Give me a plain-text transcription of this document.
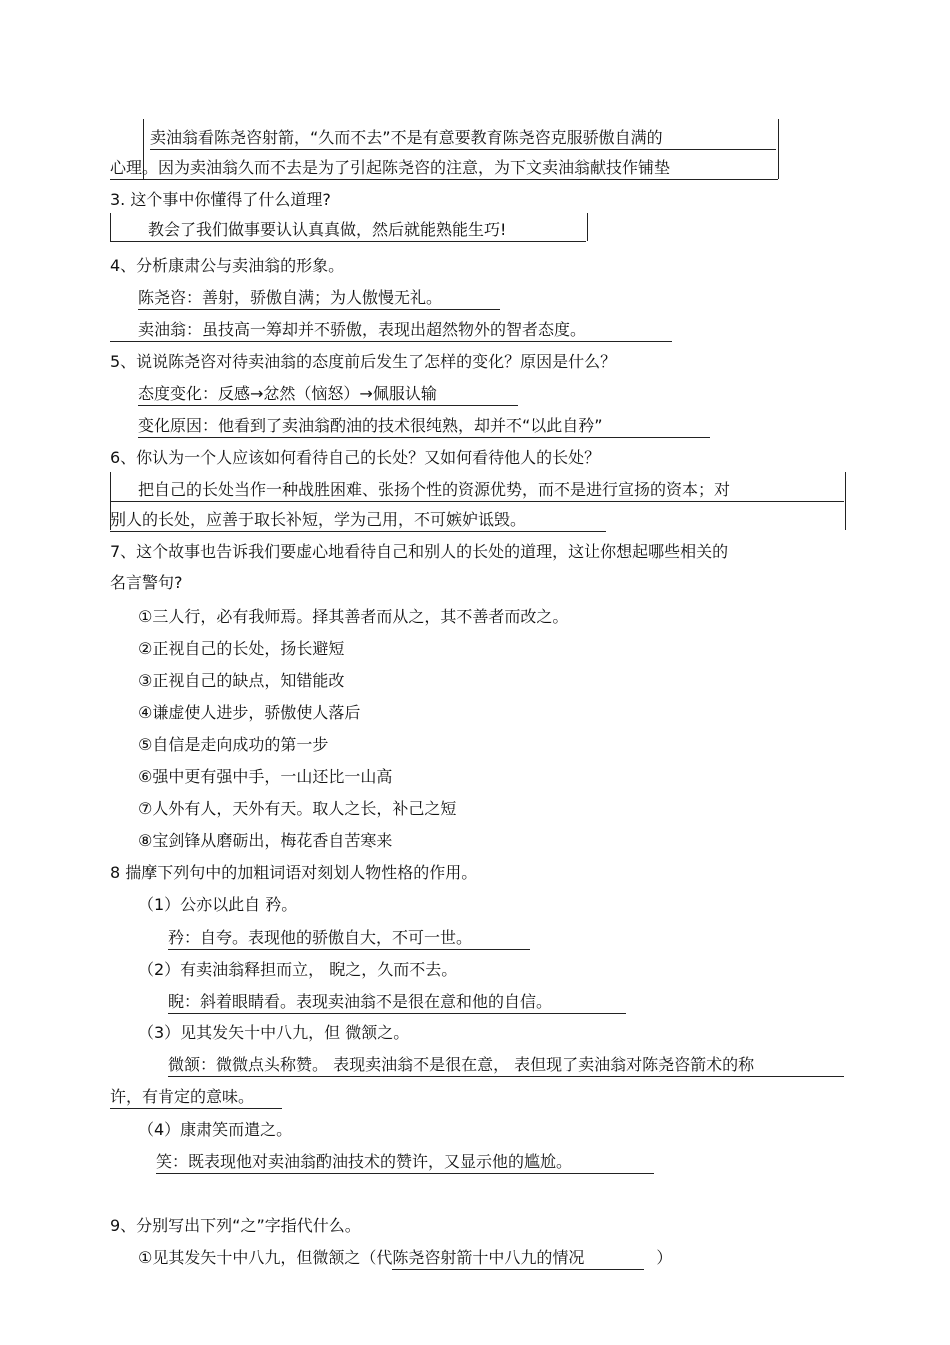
卖油翁看陈尧咨射箭，“久而不去”不是有意要教育陈尧咨克服骄傲自满的
心理。因为卖油翁久而不去是为了引起陈尧咨的注意，为下文卖油翁献技作铺垫
3. 这个事中你懂得了什么道理?
教会了我们做事要认认真真做，然后就能熟能生巧!
4、分析康肃公与卖油翁的形象。
陈尧咨：善射，骄傲自满；为人傲慢无礼。
卖油翁：虽技高一筹却并不骄傲，表现出超然物外的智者态度。
5、说说陈尧咨对待卖油翁的态度前后发生了怎样的变化？原因是什么？
态度变化：反感→忿然（恼怒）→佩服认输
变化原因：他看到了卖油翁酌油的技术很纯熟，却并不“以此自矜”
6、你认为一个人应该如何看待自己的长处？又如何看待他人的长处？
把自己的长处当作一种战胜困难、张扬个性的资源优势，而不是进行宣扬的资本；对
别人的长处，应善于取长补短，学为己用，不可嫉妒诋毁。
7、这个故事也告诉我们要虚心地看待自己和别人的长处的道理，这让你想起哪些相关的
名言警句?
①三人行，必有我师焉。择其善者而从之，其不善者而改之。
②正视自己的长处，扬长避短
③正视自己的缺点，知错能改
④谦虚使人进步，骄傲使人落后
⑤自信是走向成功的第一步
⑥强中更有强中手，一山还比一山高
⑦人外有人，天外有天。取人之长，补己之短
⑧宝剑锋从磨砺出，梅花香自苦寒来
8 揣摩下列句中的加粗词语对刻划人物性格的作用。
（1）公亦以此自 矜。
矜：自夸。表现他的骄傲自大，不可一世。
（2）有卖油翁释担而立， 睨之，久而不去。
睨：斜着眼睛看。表现卖油翁不是很在意和他的自信。
（3）见其发矢十中八九，但 微颔之。
微颔：微微点头称赞。 表现卖油翁不是很在意， 表但现了卖油翁对陈尧咨箭术的称
许，有肯定的意味。
（4）康肃笑而遣之。
笑：既表现他对卖油翁酌油技术的赞许，又显示他的尴尬。
9、分别写出下列“之”字指代什么。
①见其发矢十中八九，但微颔之（代陈尧咨射箭十中八九的情况	）
